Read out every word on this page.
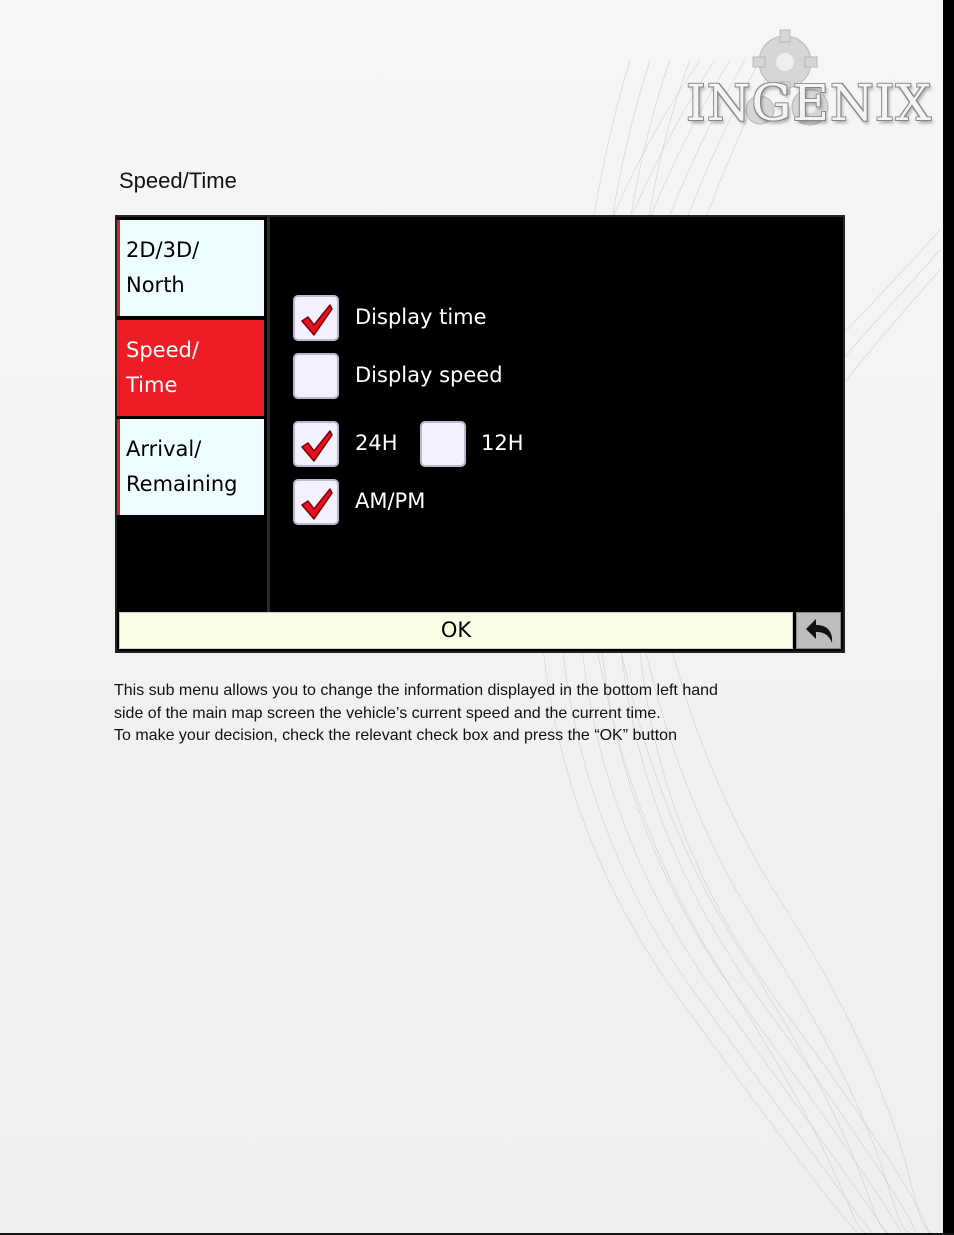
INGENIX
Speed/Time
2D/3D/
North
Speed/
Time
Arrival/
Remaining
Display time
Display speed
24H	12H
AM/PM
OK

This sub menu allows you to change the information displayed in the bottom left hand

side of the main map screen the vehicle’s current speed and the current time.

To make your decision, check the relevant check box and press the “OK” button
